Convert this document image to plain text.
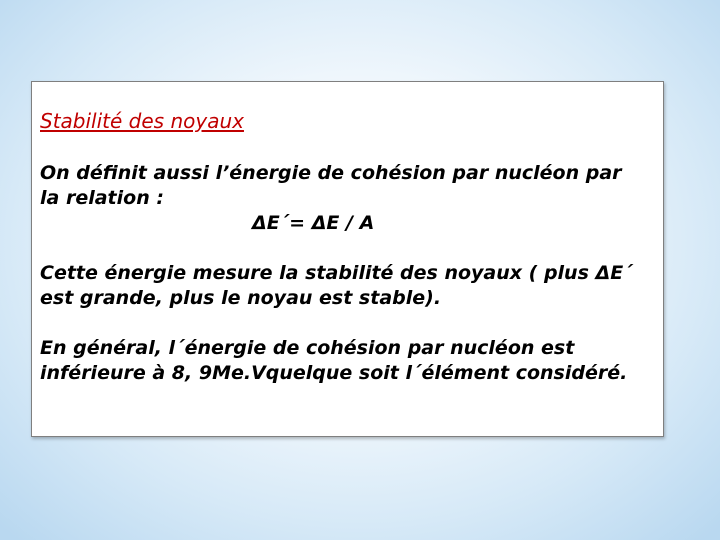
Stabilité des noyaux
On définit aussi l’énergie de cohésion par nucléon par
la relation :
ΔE´= ΔE / A
Cette énergie mesure la stabilité des noyaux ( plus ΔE´
est grande, plus le noyau est stable).
En général, l´énergie de cohésion par nucléon est
inférieure à 8, 9Me.Vquelque soit l´élément considéré.
